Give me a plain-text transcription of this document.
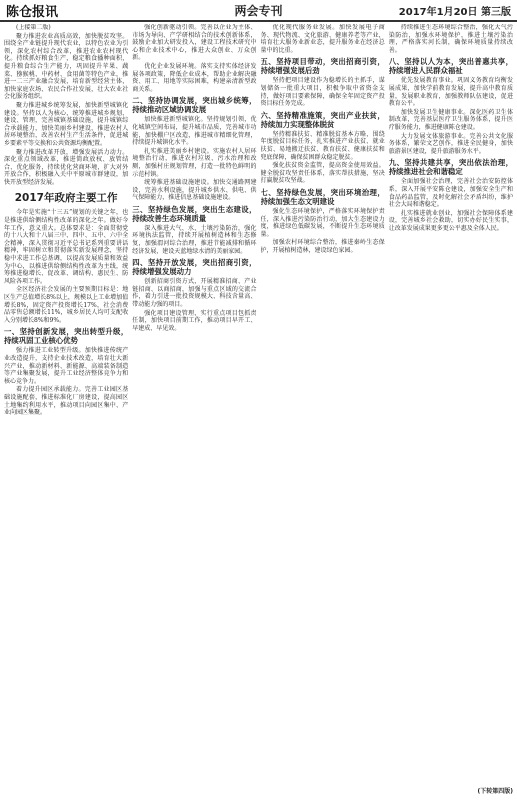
陈仓报讯	两会专刊	2017年1月20日 第三版

(上接第二版)

聚力推进农业高质高效，加快脱贫攻坚。围绕全产业链提升现代农业，以特色农业为引领，深化农村综合改革，推进农业农村现代化。持续抓好粮食生产，稳定粮食播种面积，提升粮食综合生产能力，巩固提升苹果、蔬菜、猕猴桃、中药材、食用菌等特色产业，推进一二三产业融合发展，培育新型经营主体，加快家庭农场、农民合作社发展，壮大农业社会化服务组织。

聚力推进城乡统筹发展，加快新型城镇化建设。坚持以人为核心，统筹推进城乡规划、建设、管理，完善城镇基础设施，提升城镇综合承载能力，加快美丽乡村建设，推进农村人居环境整治，改善农村生产生活条件，促进城乡要素平等交换和公共资源均衡配置。

聚力推进改革开放，增强发展活力动力。深化重点领域改革，推进简政放权、放管结合、优化服务，持续优化营商环境，扩大对外开放合作，积极融入关中平原城市群建设，加快开放型经济发展。

2017年政府主要工作

今年是实施“十三五”规划的关键之年，也是推进供给侧结构性改革的深化之年。做好今年工作，意义重大。总体要求是：全面贯彻党的十八大和十八届三中、四中、五中、六中全会精神，深入贯彻习近平总书记系列重要讲话精神，牢固树立和贯彻落实新发展理念，坚持稳中求进工作总基调，以提高发展质量和效益为中心，以推进供给侧结构性改革为主线，统筹推进稳增长、促改革、调结构、惠民生、防风险各项工作。

全区经济社会发展的主要预期目标是：地区生产总值增长8%以上，规模以上工业增加值增长8%，固定资产投资增长17%，社会消费品零售总额增长11%，城乡居民人均可支配收入分别增长8%和9%。

一、坚持创新发展，突出转型升级，持续巩固工业核心优势

强力推进工业转型升级。加快推进传统产业改造提升，支持企业技术改造，培育壮大新兴产业，推动新材料、新能源、高端装备制造等产业集聚发展，提升工业经济整体竞争力和核心竞争力。

着力提升园区承载能力。完善工业园区基础设施配套，推进标准化厂房建设，提高园区土地集约利用水平，推动项目向园区集中、产业向园区集聚。

强化创新驱动引领。完善以企业为主体、市场为导向、产学研相结合的技术创新体系，鼓励企业加大研发投入，建设工程技术研究中心和企业技术中心，推进大众创业、万众创新。

优化企业发展环境。落实支持实体经济发展各项政策，降低企业成本，帮助企业解决融资、用工、用地等实际困难，构建亲清新型政商关系。

二、坚持协调发展，突出城乡统筹，持续推动区域协调发展

加快推进新型城镇化。坚持规划引领，优化城镇空间布局，提升城市品质，完善城市功能，加快棚户区改造，推进城市精细化管理，持续提升城镇化水平。

扎实推进美丽乡村建设。实施农村人居环境整治行动，推进农村垃圾、污水治理和改厕，加强村庄规划管理，打造一批特色鲜明的示范村镇。

统筹推进基础设施建设。加快交通路网建设，完善水利设施，提升城乡供水、供电、供气保障能力，推进信息基础设施建设。

三、坚持绿色发展，突出生态建设，持续改善生态环境质量

深入推进大气、水、土壤污染防治，强化环境执法监管，持续开展植树造林和生态修复，加强渭河综合治理，推进节能减排和循环经济发展，建设天蓝地绿水清的美丽家园。

四、坚持开放发展，突出招商引资，持续增强发展动力

创新招商引资方式，开展精准招商、产业链招商、以商招商，加强与重点区域的交流合作，着力引进一批投资规模大、科技含量高、带动能力强的项目。

强化项目建设管理，实行重点项目包抓责任制，加快项目前期工作，推动项目早开工、早建成、早见效。

优化现代服务业发展。加快发展电子商务、现代物流、文化旅游、健康养老等产业，培育壮大服务业新业态，提升服务业在经济总量中的比重。

五、坚持项目带动，突出招商引资，持续增强发展后劲

坚持把项目建设作为稳增长的主抓手，谋划储备一批重大项目，积极争取中省资金支持，做好项目要素保障，确保全年固定资产投资目标任务完成。

六、坚持精准施策，突出产业扶贫，持续加力实现整体脱贫

坚持精准扶贫、精准脱贫基本方略，围绕年度脱贫目标任务，扎实推进产业扶贫、就业扶贫、易地搬迁扶贫、教育扶贫、健康扶贫和兜底保障，确保贫困群众稳定脱贫。

强化扶贫资金监管，提高资金使用效益。健全脱贫攻坚责任体系，落实帮扶措施，坚决打赢脱贫攻坚战。

七、坚持绿色发展，突出环境治理，持续加强生态文明建设

强化生态环境保护，严格落实环境保护责任，深入推进污染防治行动，加大生态建设力度，推进绿色低碳发展，不断提升生态环境质量。

加强农村环境综合整治，推进秦岭生态保护，开展植树造林，建设绿色家园。

持续推进生态环境综合整治，强化大气污染防治，加强水环境保护，推进土壤污染治理，严格落实河长制，确保环境质量持续改善。

八、坚持以人为本，突出普惠共享，持续增进人民群众福祉

优先发展教育事业。巩固义务教育均衡发展成果，加快学前教育发展，提升高中教育质量，发展职业教育，加强教师队伍建设，促进教育公平。

加快发展卫生健康事业。深化医药卫生体制改革，完善基层医疗卫生服务体系，提升医疗服务能力，推进健康陈仓建设。

大力发展文体旅游事业。完善公共文化服务体系，繁荣文艺创作，推进全民健身，加快旅游景区建设，提升旅游服务水平。

九、坚持共建共享，突出依法治理，持续推进社会和谐稳定

全面加强社会治理，完善社会治安防控体系，深入开展平安陈仓建设，加强安全生产和食品药品监管，及时化解社会矛盾纠纷，维护社会大局和谐稳定。

扎实推进就业创业，加强社会保障体系建设，完善城乡社会救助，切实办好民生实事，让改革发展成果更多更公平惠及全体人民。

(下转第四版)
